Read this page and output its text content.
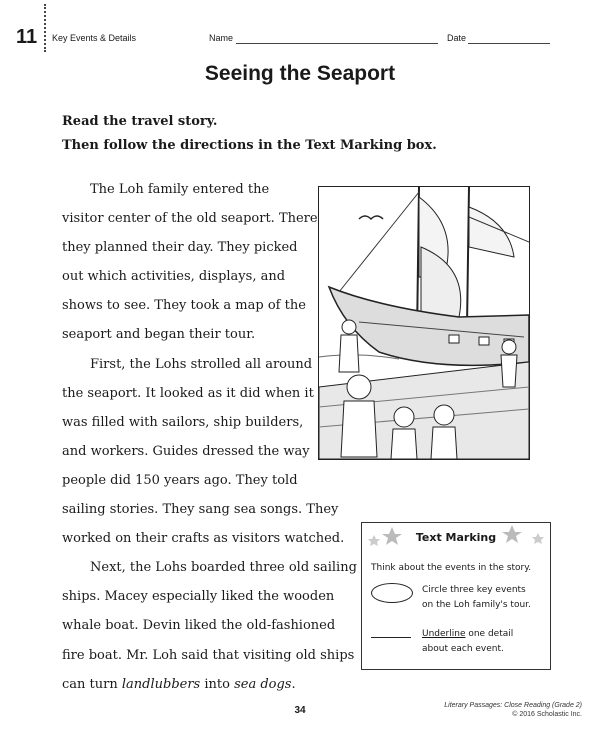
11 Key Events & Details	Name	Date
Seeing the Seaport
Read the travel story.
Then follow the directions in the Text Marking box.
The Loh family entered the
visitor center of the old seaport. There
they planned their day. They picked
out which activities, displays, and
shows to see. They took a map of the
seaport and began their tour.
First, the Lohs strolled all around
the seaport. It looked as it did when it
was filled with sailors, ship builders,
and workers. Guides dressed the way
people did 150 years ago. They told
sailing stories. They sang sea songs. They
worked on their crafts as visitors watched.
Next, the Lohs boarded three old sailing
ships. Macey especially liked the wooden
whale boat. Devin liked the old-fashioned
fire boat. Mr. Loh said that visiting old ships
can turn landlubbers into sea dogs.
Text Marking
Think about the events in the story.
Circle three key events
on the Loh family's tour.
Underline one detail
about each event.
34	Literary Passages: Close Reading (Grade 2)
© 2016 Scholastic Inc.
